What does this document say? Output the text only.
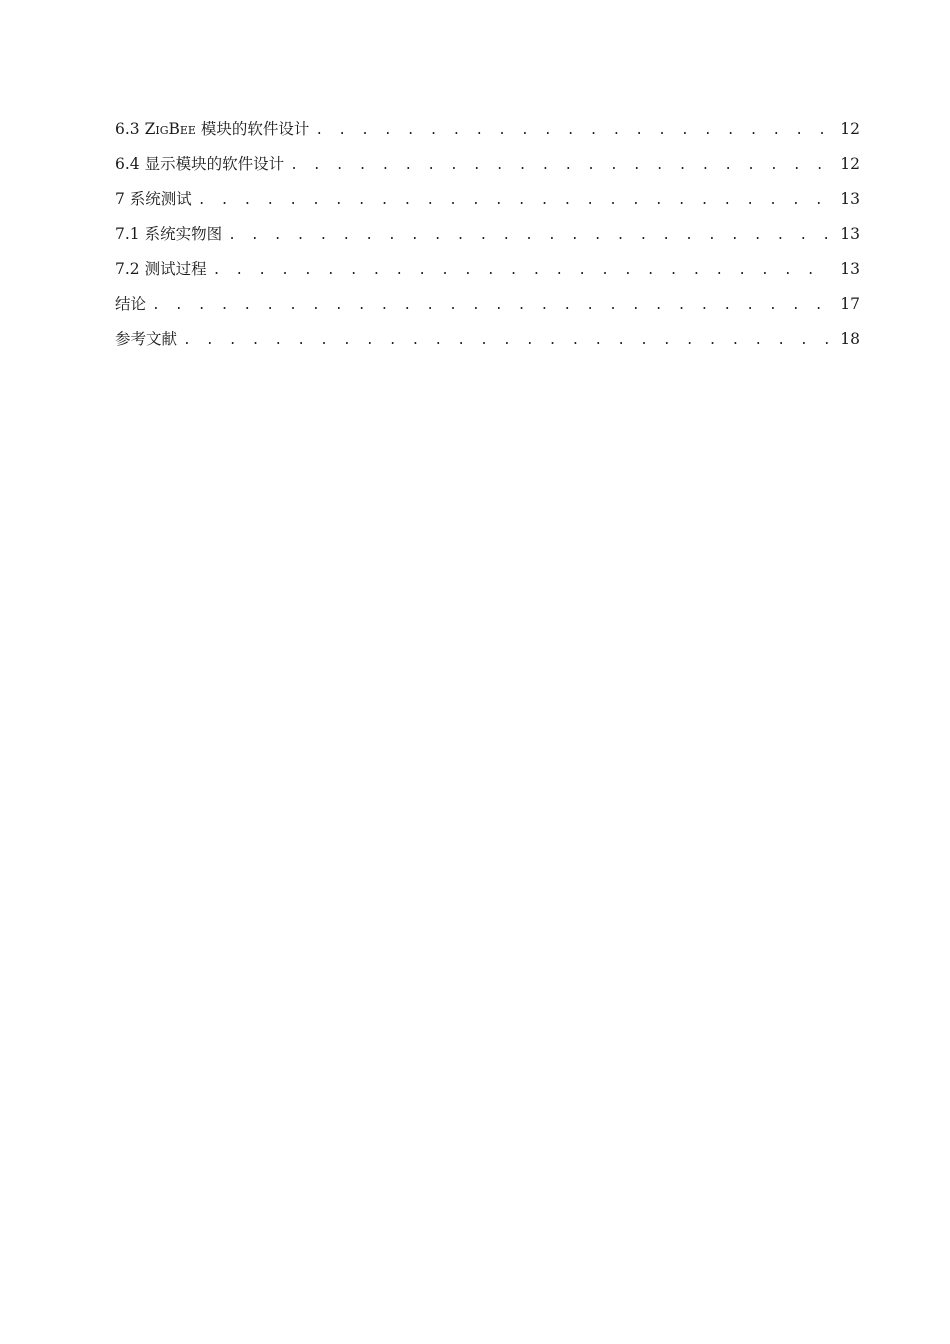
6.3 ZigBee 模块的软件设计 . . .	12
6.4 显示模块的软件设计 . . .	12
7 系统测试 . . .	13
7.1 系统实物图 . . .	13
7.2 测试过程 . . .	13
结论 . . .	17
参考文献 . . .	18
